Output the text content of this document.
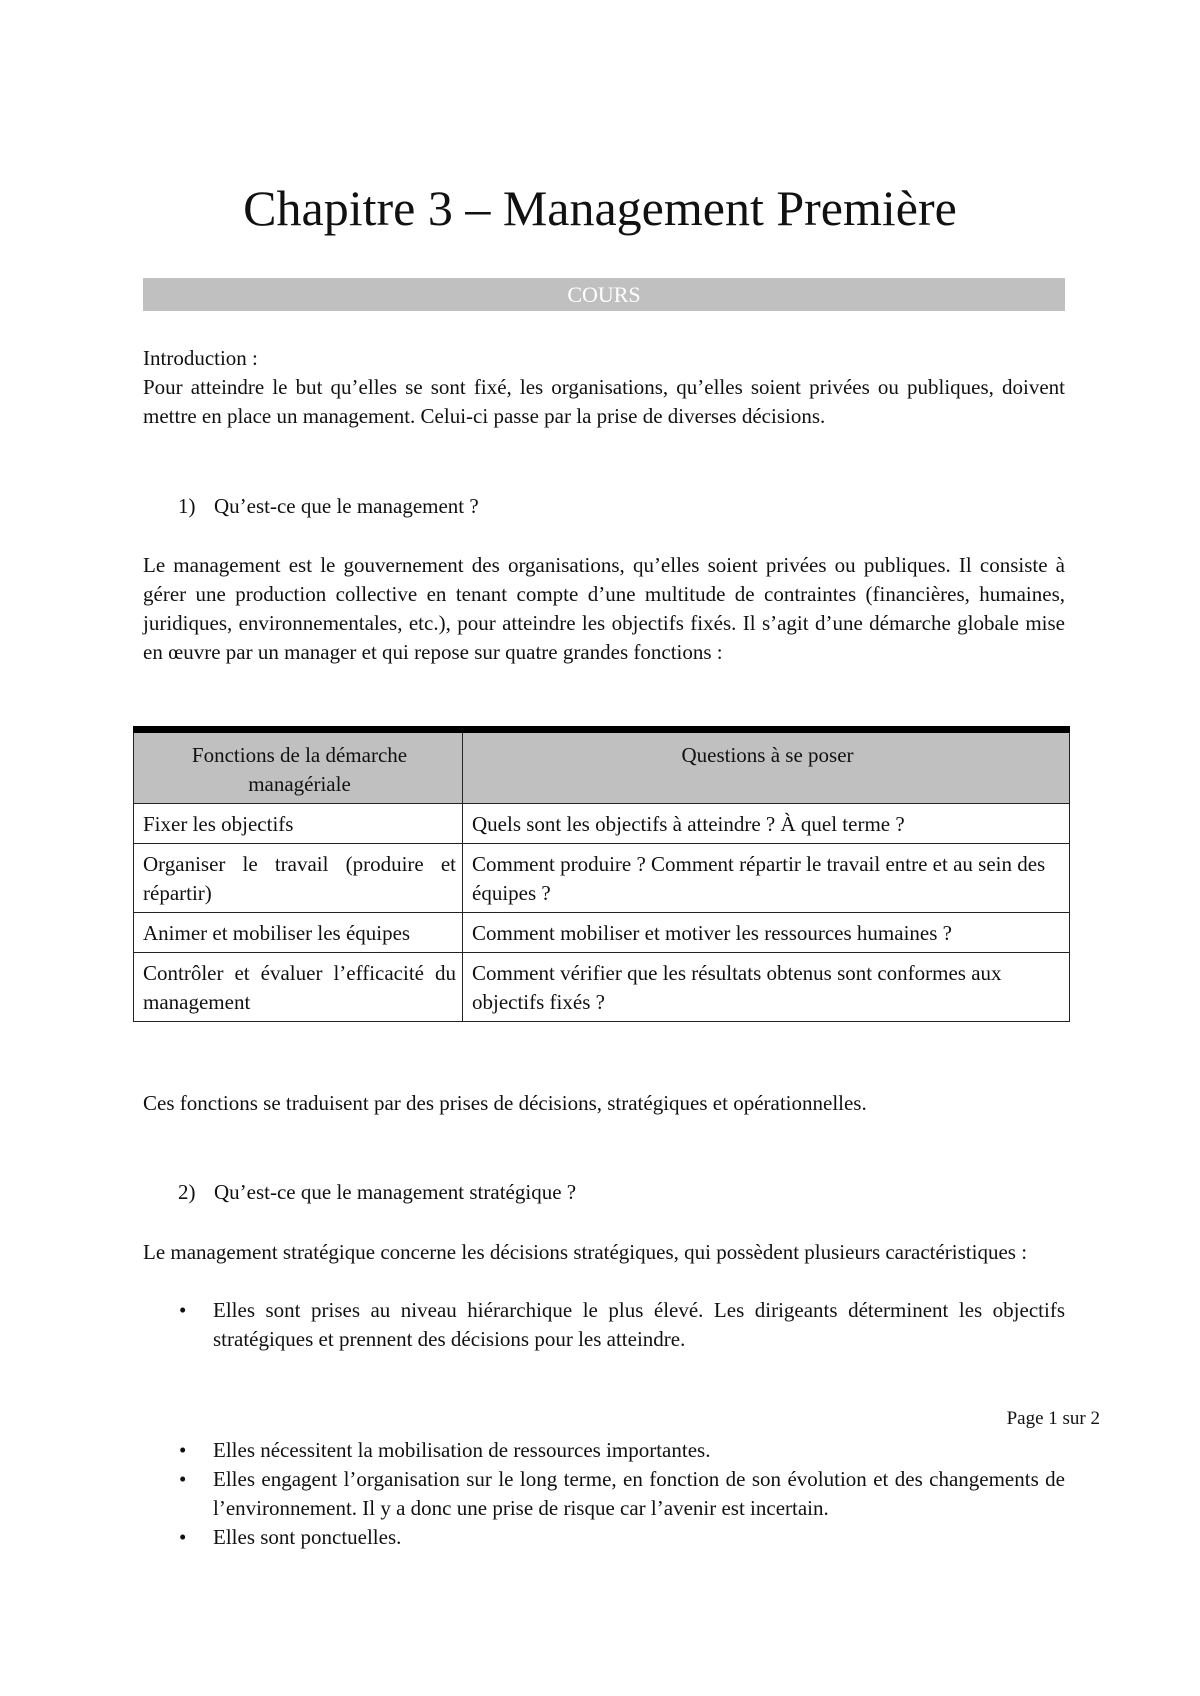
Chapitre 3 – Management Première
COURS
Introduction :
Pour atteindre le but qu’elles se sont fixé, les organisations, qu’elles soient privées ou publiques, doivent mettre en place un management. Celui-ci passe par la prise de diverses décisions.
1) Qu’est-ce que le management ?
Le management est le gouvernement des organisations, qu’elles soient privées ou publiques. Il consiste à gérer une production collective en tenant compte d’une multitude de contraintes (financières, humaines, juridiques, environnementales, etc.), pour atteindre les objectifs fixés. Il s’agit d’une démarche globale mise en œuvre par un manager et qui repose sur quatre grandes fonctions :
Fonctions de la démarche managériale	Questions à se poser
Fixer les objectifs	Quels sont les objectifs à atteindre ? À quel terme ?
Organiser le travail (produire et répartir)	Comment produire ? Comment répartir le travail entre et au sein des équipes ?
Animer et mobiliser les équipes	Comment mobiliser et motiver les ressources humaines ?
Contrôler et évaluer l’efficacité du management	Comment vérifier que les résultats obtenus sont conformes aux objectifs fixés ?
Ces fonctions se traduisent par des prises de décisions, stratégiques et opérationnelles.
2) Qu’est-ce que le management stratégique ?
Le management stratégique concerne les décisions stratégiques, qui possèdent plusieurs caractéristiques :
• Elles sont prises au niveau hiérarchique le plus élevé. Les dirigeants déterminent les objectifs stratégiques et prennent des décisions pour les atteindre.
Page 1 sur 2
• Elles nécessitent la mobilisation de ressources importantes.
• Elles engagent l’organisation sur le long terme, en fonction de son évolution et des changements de l’environnement. Il y a donc une prise de risque car l’avenir est incertain.
• Elles sont ponctuelles.
